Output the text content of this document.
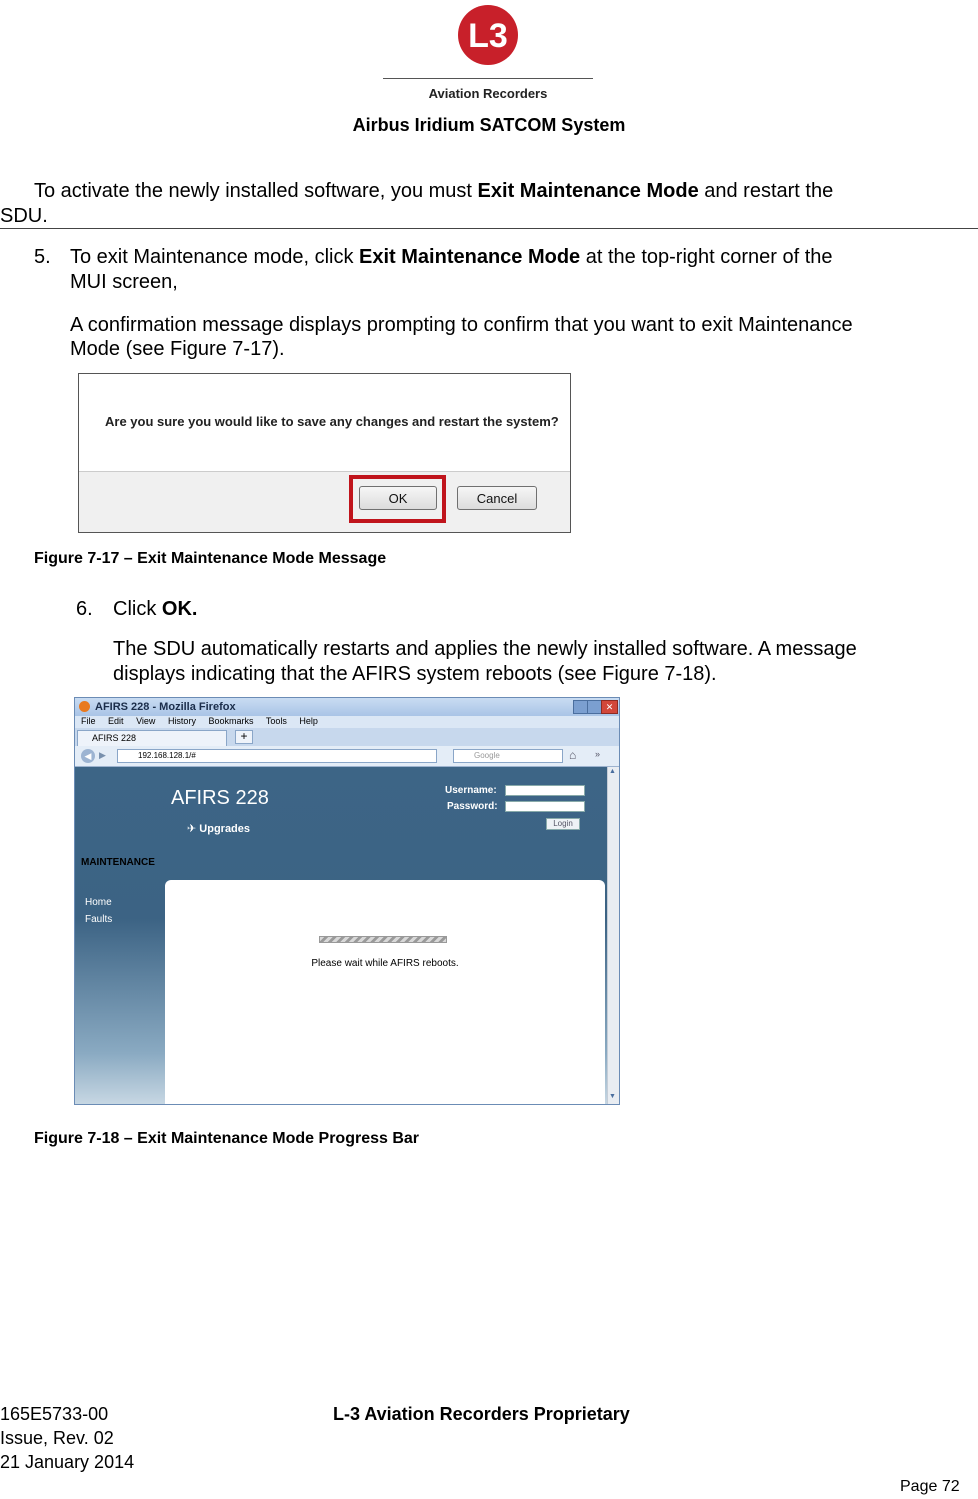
L3
Aviation Recorders
Airbus Iridium SATCOM System
To activate the newly installed software, you must Exit Maintenance Mode and restart the
SDU.
5. To exit Maintenance mode, click Exit Maintenance Mode at the top-right corner of the
MUI screen,
A confirmation message displays prompting to confirm that you want to exit Maintenance
Mode (see Figure 7-17).
Are you sure you would like to save any changes and restart the system?
OK	Cancel
Figure 7-17 – Exit Maintenance Mode Message
6. Click OK.
The SDU automatically restarts and applies the newly installed software. A message
displays indicating that the AFIRS system reboots (see Figure 7-18).
AFIRS 228 - Mozilla Firefox	✕
File Edit View History Bookmarks Tools Help
AFIRS 228	+
◀ ▶	192.168.128.1/#	Google	⌂ »
AFIRS 228
✈ Upgrades
Username:
Password:
Login
MAINTENANCE
Home
Faults
Please wait while AFIRS reboots.
▲
▼
Figure 7-18 – Exit Maintenance Mode Progress Bar
165E5733-00
Issue, Rev. 02
21 January 2014
L-3 Aviation Recorders Proprietary
Page 72
